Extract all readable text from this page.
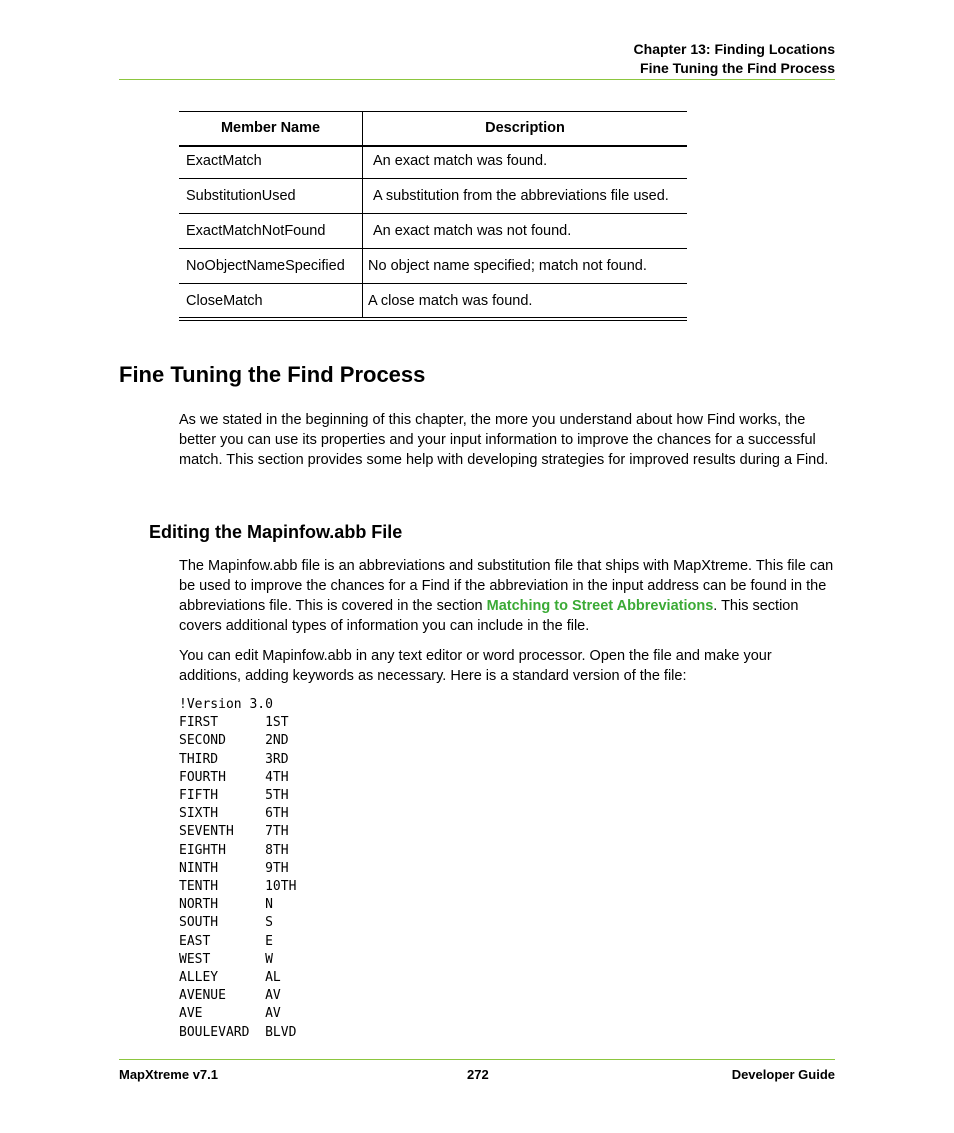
Chapter 13: Finding Locations
Fine Tuning the Find Process
Member Name	Description
ExactMatch	An exact match was found.
SubstitutionUsed	A substitution from the abbreviations file used.
ExactMatchNotFound	An exact match was not found.
NoObjectNameSpecified	No object name specified; match not found.
CloseMatch	A close match was found.
Fine Tuning the Find Process

As we stated in the beginning of this chapter, the more you understand about how Find works, the better you can use its properties and your input information to improve the chances for a successful match. This section provides some help with developing strategies for improved results during a Find.

Editing the Mapinfow.abb File

The Mapinfow.abb file is an abbreviations and substitution file that ships with MapXtreme. This file can be used to improve the chances for a Find if the abbreviation in the input address can be found in the abbreviations file. This is covered in the section Matching to Street Abbreviations. This section covers additional types of information you can include in the file.

You can edit Mapinfow.abb in any text editor or word processor. Open the file and make your additions, adding keywords as necessary. Here is a standard version of the file:

!Version 3.0
FIRST      1ST
SECOND     2ND
THIRD      3RD
FOURTH     4TH
FIFTH      5TH
SIXTH      6TH
SEVENTH    7TH
EIGHTH     8TH
NINTH      9TH
TENTH      10TH
NORTH      N
SOUTH      S
EAST       E
WEST       W
ALLEY      AL
AVENUE     AV
AVE        AV
BOULEVARD  BLVD
MapXtreme v7.1	272	Developer Guide
